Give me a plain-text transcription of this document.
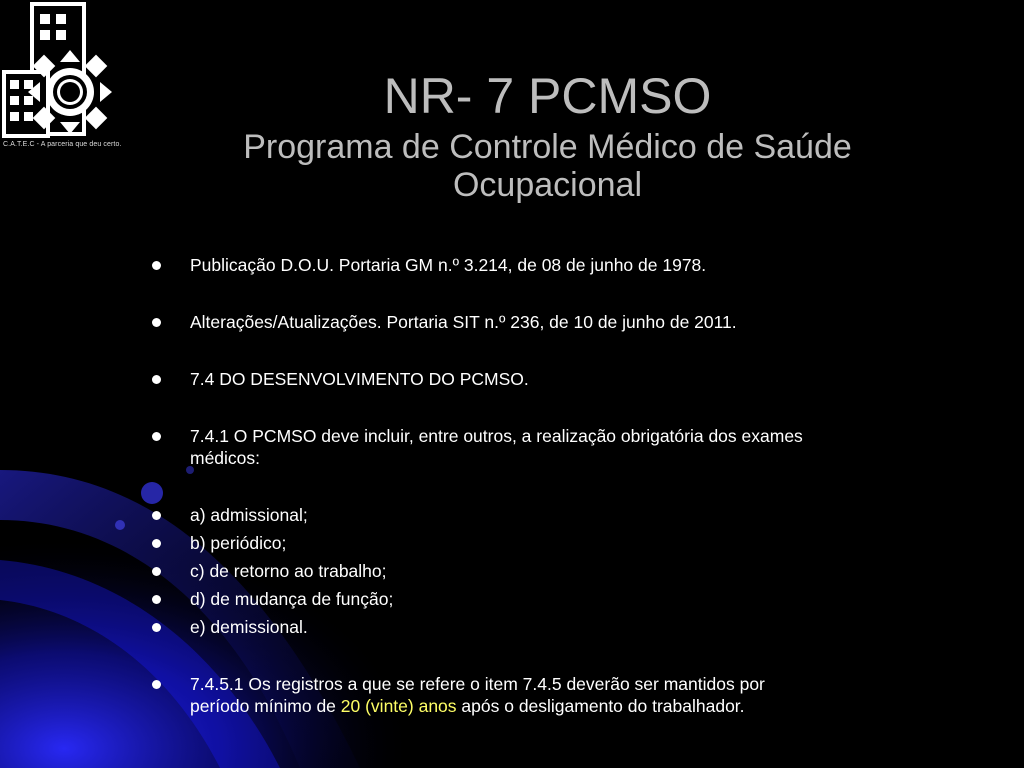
C.A.T.E.C - A parceria que deu certo.
NR- 7 PCMSO
Programa de Controle Médico de Saúde
Ocupacional
Publicação D.O.U. Portaria GM n.º 3.214, de 08 de junho de 1978.
Alterações/Atualizações. Portaria SIT n.º 236, de 10 de junho de 2011.
7.4 DO DESENVOLVIMENTO DO PCMSO.
7.4.1 O PCMSO deve incluir, entre outros, a realização obrigatória dos exames
médicos:
a) admissional;
b) periódico;
c) de retorno ao trabalho;
d) de mudança de função;
e) demissional.
7.4.5.1 Os registros a que se refere o item 7.4.5 deverão ser mantidos por
período mínimo de 20 (vinte) anos após o desligamento do trabalhador.
